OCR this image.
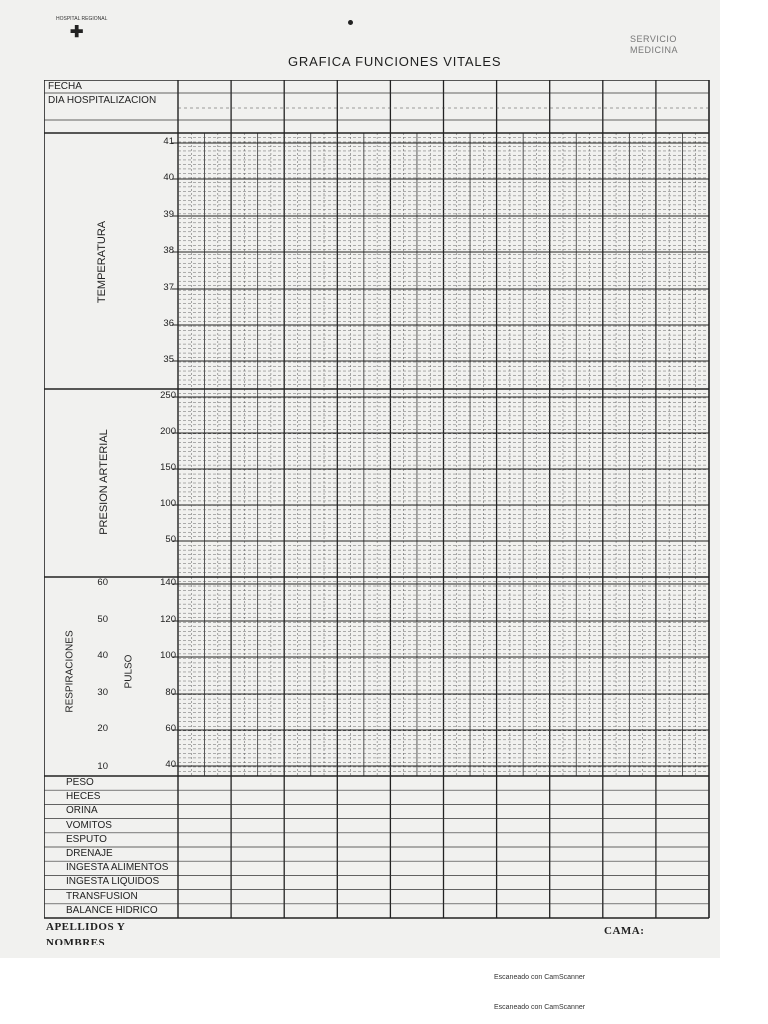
HOSPITAL REGIONAL
✚	SERVICIO
MEDICINA
GRAFICA FUNCIONES VITALES
FECHA
DIA HOSPITALIZACION
TEMPERATURA
PRESION ARTERIAL
RESPIRACIONES	PULSO
41
40
39
38
37
36
35
250
200
150
100
50
140
120
100
80
60
40
60
50
40
30
20
10
PESO
HECES
ORINA
VOMITOS
ESPUTO
DRENAJE
INGESTA ALIMENTOS
INGESTA LIQUIDOS
TRANSFUSION
BALANCE HIDRICO
APELLIDOS Y
NOMBRES
CAMA:
Escaneado con CamScanner
Escaneado con CamScanner
